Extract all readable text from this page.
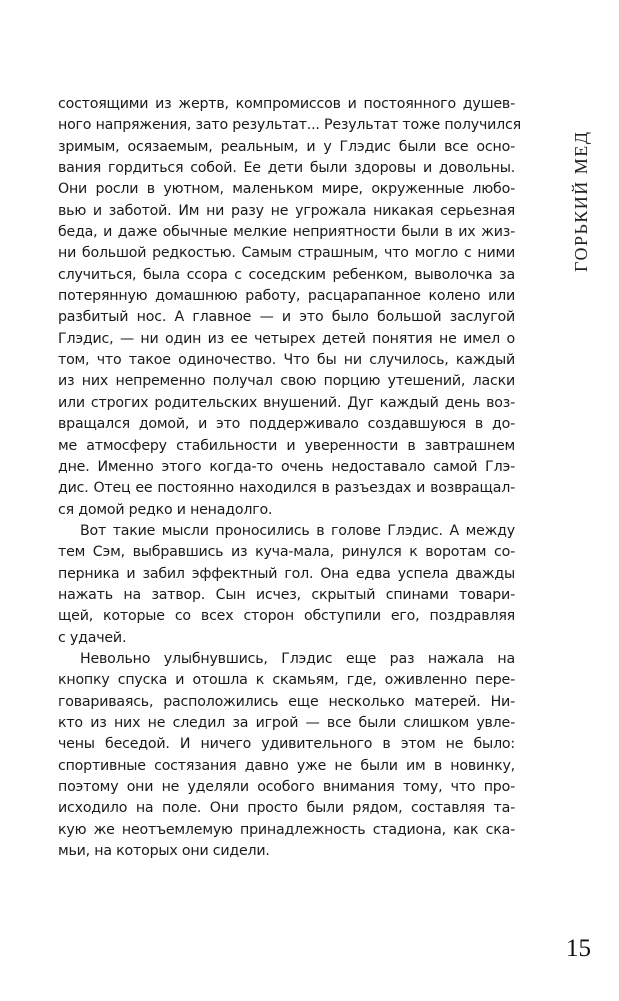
состоящими из жертв, компромиссов и постоянного душев-
ного напряжения, зато результат... Результат тоже получился
зримым, осязаемым, реальным, и у Глэдис были все осно-
вания гордиться собой. Ее дети были здоровы и довольны.
Они росли в уютном, маленьком мире, окруженные любо-
вью и заботой. Им ни разу не угрожала никакая серьезная
беда, и даже обычные мелкие неприятности были в их жиз-
ни большой редкостью. Самым страшным, что могло с ними
случиться, была ссора с соседским ребенком, выволочка за
потерянную домашнюю работу, расцарапанное колено или
разбитый нос. А главное — и это было большой заслугой
Глэдис, — ни один из ее четырех детей понятия не имел о
том, что такое одиночество. Что бы ни случилось, каждый
из них непременно получал свою порцию утешений, ласки
или строгих родительских внушений. Дуг каждый день воз-
вращался домой, и это поддерживало создавшуюся в до-
ме атмосферу стабильности и уверенности в завтрашнем
дне. Именно этого когда-то очень недоставало самой Глэ-
дис. Отец ее постоянно находился в разъездах и возвращал-
ся домой редко и ненадолго.
Вот такие мысли проносились в голове Глэдис. А между
тем Сэм, выбравшись из куча-мала, ринулся к воротам со-
перника и забил эффектный гол. Она едва успела дважды
нажать на затвор. Сын исчез, скрытый спинами товари-
щей, которые со всех сторон обступили его, поздравляя
с удачей.
Невольно улыбнувшись, Глэдис еще раз нажала на
кнопку спуска и отошла к скамьям, где, оживленно пере-
говариваясь, расположились еще несколько матерей. Ни-
кто из них не следил за игрой — все были слишком увле-
чены беседой. И ничего удивительного в этом не было:
спортивные состязания давно уже не были им в новинку,
поэтому они не уделяли особого внимания тому, что про-
исходило на поле. Они просто были рядом, составляя та-
кую же неотъемлемую принадлежность стадиона, как ска-
мьи, на которых они сидели.
ГОРЬКИЙ МЕД
15
